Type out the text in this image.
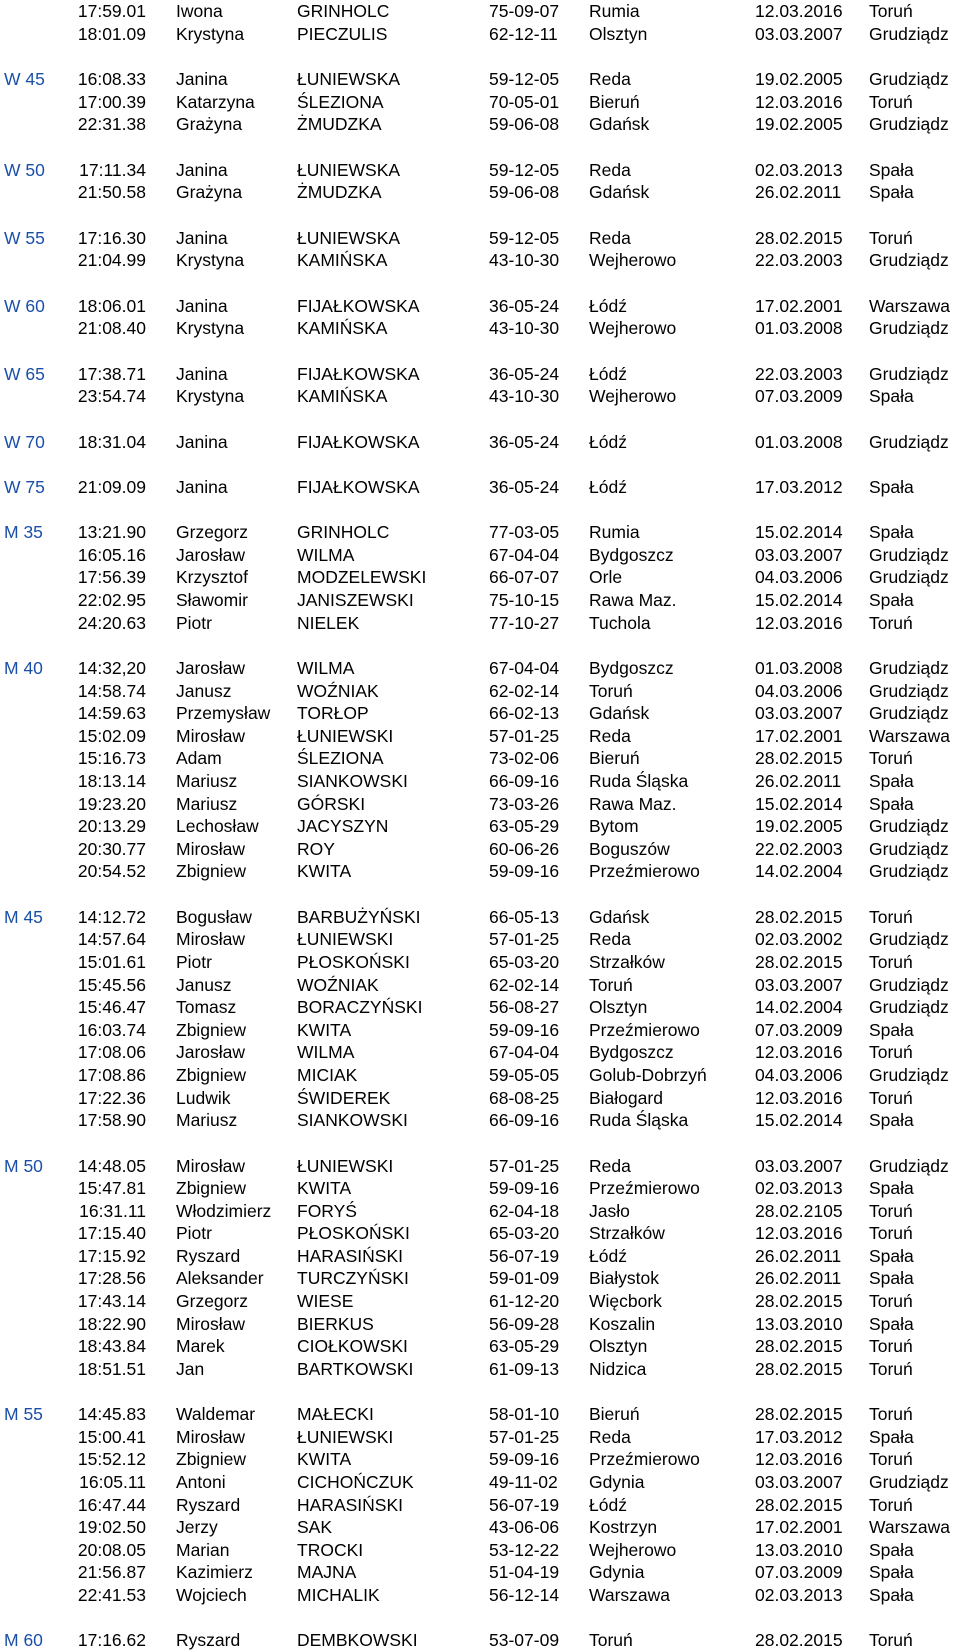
17:59.01 Iwona	GRINHOLC	75-09-07 Rumia	12.03.2016 Toruń
18:01.09 Krystyna	PIECZULIS	62-12-11 Olsztyn	03.03.2007 Grudziądz
W 45	16:08.33 Janina	ŁUNIEWSKA	59-12-05 Reda	19.02.2005 Grudziądz
17:00.39 Katarzyna ŚLEZIONA	70-05-01 Bieruń	12.03.2016 Toruń
22:31.38 Grażyna	ŻMUDZKA	59-06-08 Gdańsk	19.02.2005 Grudziądz
W 50	17:11.34 Janina	ŁUNIEWSKA	59-12-05 Reda	02.03.2013 Spała
21:50.58 Grażyna	ŻMUDZKA	59-06-08 Gdańsk	26.02.2011 Spała
W 55	17:16.30 Janina	ŁUNIEWSKA	59-12-05 Reda	28.02.2015 Toruń
21:04.99 Krystyna	KAMIŃSKA	43-10-30 Wejherowo	22.03.2003 Grudziądz
W 60	18:06.01 Janina	FIJAŁKOWSKA	36-05-24 Łódź	17.02.2001 Warszawa
21:08.40 Krystyna	KAMIŃSKA	43-10-30 Wejherowo	01.03.2008 Grudziądz
W 65	17:38.71 Janina	FIJAŁKOWSKA	36-05-24 Łódź	22.03.2003 Grudziądz
23:54.74 Krystyna	KAMIŃSKA	43-10-30 Wejherowo	07.03.2009 Spała
W 70	18:31.04 Janina	FIJAŁKOWSKA	36-05-24 Łódź	01.03.2008 Grudziądz
W 75	21:09.09 Janina	FIJAŁKOWSKA	36-05-24 Łódź	17.03.2012 Spała
M 35	13:21.90 Grzegorz	GRINHOLC	77-03-05 Rumia	15.02.2014 Spała
16:05.16 Jarosław	WILMA	67-04-04 Bydgoszcz	03.03.2007 Grudziądz
17:56.39 Krzysztof	MODZELEWSKI	66-07-07 Orle	04.03.2006 Grudziądz
22:02.95 Sławomir	JANISZEWSKI	75-10-15 Rawa Maz.	15.02.2014 Spała
24:20.63 Piotr	NIELEK	77-10-27 Tuchola	12.03.2016 Toruń
M 40	14:32,20 Jarosław	WILMA	67-04-04 Bydgoszcz	01.03.2008 Grudziądz
14:58.74 Janusz	WOŹNIAK	62-02-14 Toruń	04.03.2006 Grudziądz
14:59.63 Przemysław TORŁOP	66-02-13 Gdańsk	03.03.2007 Grudziądz
15:02.09 Mirosław	ŁUNIEWSKI	57-01-25 Reda	17.02.2001 Warszawa
15:16.73 Adam	ŚLEZIONA	73-02-06 Bieruń	28.02.2015 Toruń
18:13.14 Mariusz	SIANKOWSKI	66-09-16 Ruda Śląska	26.02.2011 Spała
19:23.20 Mariusz	GÓRSKI	73-03-26 Rawa Maz.	15.02.2014 Spała
20:13.29 Lechosław JACYSZYN	63-05-29 Bytom	19.02.2005 Grudziądz
20:30.77 Mirosław	ROY	60-06-26 Boguszów	22.02.2003 Grudziądz
20:54.52 Zbigniew	KWITA	59-09-16 Przeźmierowo	14.02.2004 Grudziądz
M 45	14:12.72 Bogusław	BARBUŻYŃSKI	66-05-13 Gdańsk	28.02.2015 Toruń
14:57.64 Mirosław	ŁUNIEWSKI	57-01-25 Reda	02.03.2002 Grudziądz
15:01.61 Piotr	PŁOSKOŃSKI	65-03-20 Strzałków	28.02.2015 Toruń
15:45.56 Janusz	WOŹNIAK	62-02-14 Toruń	03.03.2007 Grudziądz
15:46.47 Tomasz	BORACZYŃSKI	56-08-27 Olsztyn	14.02.2004 Grudziądz
16:03.74 Zbigniew	KWITA	59-09-16 Przeźmierowo	07.03.2009 Spała
17:08.06 Jarosław	WILMA	67-04-04 Bydgoszcz	12.03.2016 Toruń
17:08.86 Zbigniew	MICIAK	59-05-05 Golub-Dobrzyń	04.03.2006 Grudziądz
17:22.36 Ludwik	ŚWIDEREK	68-08-25 Białogard	12.03.2016 Toruń
17:58.90 Mariusz	SIANKOWSKI	66-09-16 Ruda Śląska	15.02.2014 Spała
M 50	14:48.05 Mirosław	ŁUNIEWSKI	57-01-25 Reda	03.03.2007 Grudziądz
15:47.81 Zbigniew	KWITA	59-09-16 Przeźmierowo	02.03.2013 Spała
16:31.11 Włodzimierz FORYŚ	62-04-18 Jasło	28.02.2105 Toruń
17:15.40 Piotr	PŁOSKOŃSKI	65-03-20 Strzałków	12.03.2016 Toruń
17:15.92 Ryszard	HARASIŃSKI	56-07-19 Łódź	26.02.2011 Spała
17:28.56 Aleksander TURCZYŃSKI	59-01-09 Białystok	26.02.2011 Spała
17:43.14 Grzegorz	WIESE	61-12-20 Więcbork	28.02.2015 Toruń
18:22.90 Mirosław	BIERKUS	56-09-28 Koszalin	13.03.2010 Spała
18:43.84 Marek	CIOŁKOWSKI	63-05-29 Olsztyn	28.02.2015 Toruń
18:51.51 Jan	BARTKOWSKI	61-09-13 Nidzica	28.02.2015 Toruń
M 55	14:45.83 Waldemar MAŁECKI	58-01-10 Bieruń	28.02.2015 Toruń
15:00.41 Mirosław	ŁUNIEWSKI	57-01-25 Reda	17.03.2012 Spała
15:52.12 Zbigniew	KWITA	59-09-16 Przeźmierowo	12.03.2016 Toruń
16:05.11 Antoni	CICHOŃCZUK	49-11-02 Gdynia	03.03.2007 Grudziądz
16:47.44 Ryszard	HARASIŃSKI	56-07-19 Łódź	28.02.2015 Toruń
19:02.50 Jerzy	SAK	43-06-06 Kostrzyn	17.02.2001 Warszawa
20:08.05 Marian	TROCKI	53-12-22 Wejherowo	13.03.2010 Spała
21:56.87 Kazimierz	MAJNA	51-04-19 Gdynia	07.03.2009 Spała
22:41.53 Wojciech	MICHALIK	56-12-14 Warszawa	02.03.2013 Spała
M 60	17:16.62 Ryszard	DEMBKOWSKI	53-07-09 Toruń	28.02.2015 Toruń
